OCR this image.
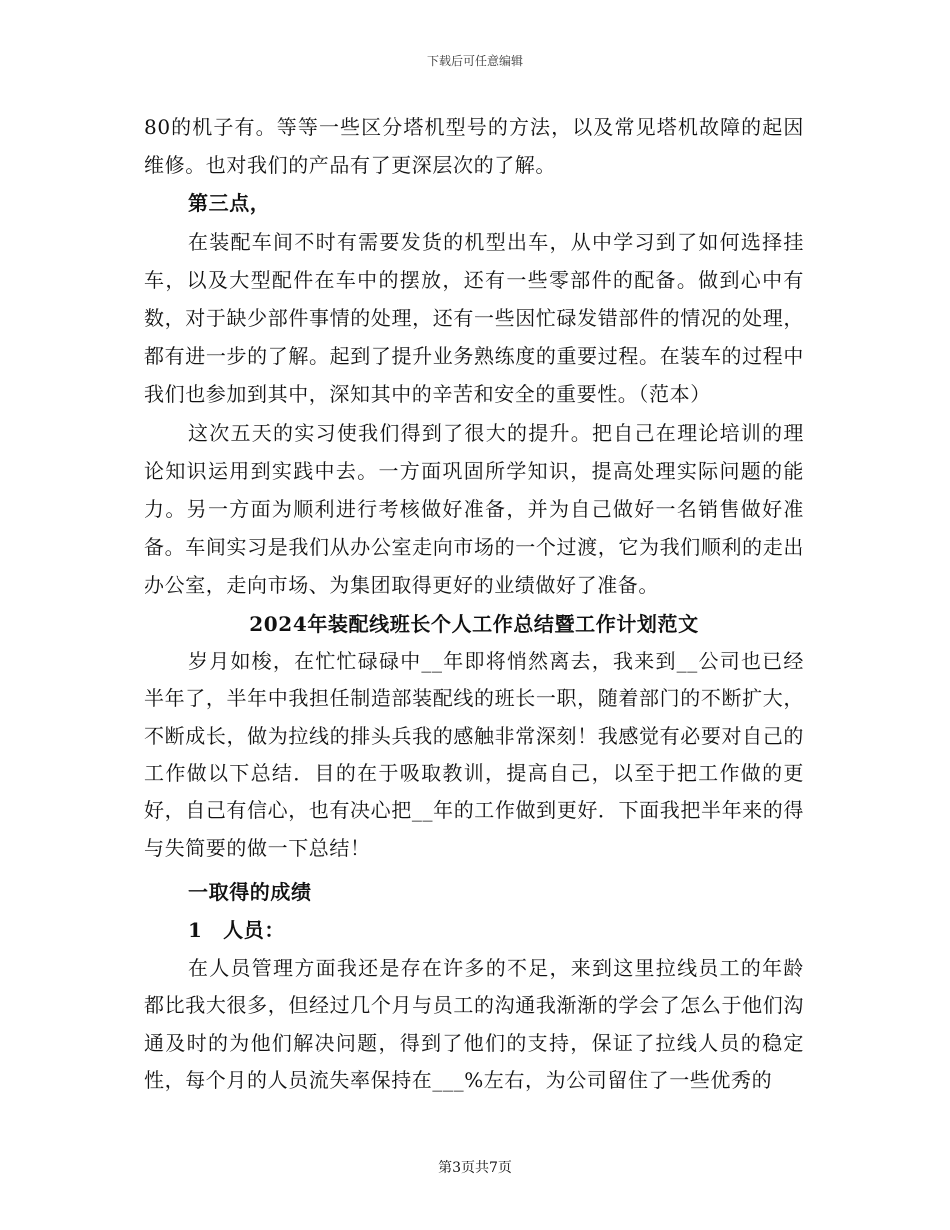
下载后可任意编辑

80的机子有。等等一些区分塔机型号的方法，以及常见塔机故障的起因维修。也对我们的产品有了更深层次的了解。

第三点，

在装配车间不时有需要发货的机型出车，从中学习到了如何选择挂车，以及大型配件在车中的摆放，还有一些零部件的配备。做到心中有数，对于缺少部件事情的处理，还有一些因忙碌发错部件的情况的处理，都有进一步的了解。起到了提升业务熟练度的重要过程。在装车的过程中我们也参加到其中，深知其中的辛苦和安全的重要性。（范本）

这次五天的实习使我们得到了很大的提升。把自己在理论培训的理论知识运用到实践中去。一方面巩固所学知识，提高处理实际问题的能力。另一方面为顺利进行考核做好准备，并为自己做好一名销售做好准备。车间实习是我们从办公室走向市场的一个过渡，它为我们顺利的走出办公室，走向市场、为集团取得更好的业绩做好了准备。

2024年装配线班长个人工作总结暨工作计划范文

岁月如梭，在忙忙碌碌中__年即将悄然离去，我来到__公司也已经半年了，半年中我担任制造部装配线的班长一职，随着部门的不断扩大，不断成长，做为拉线的排头兵我的感触非常深刻！我感觉有必要对自己的工作做以下总结．目的在于吸取教训，提高自己，以至于把工作做的更好，自己有信心，也有决心把__年的工作做到更好．下面我把半年来的得与失简要的做一下总结！

一取得的成绩

1　人员：

在人员管理方面我还是存在许多的不足，来到这里拉线员工的年龄都比我大很多，但经过几个月与员工的沟通我渐渐的学会了怎么于他们沟通及时的为他们解决问题，得到了他们的支持，保证了拉线人员的稳定性，每个月的人员流失率保持在___%左右，为公司留住了一些优秀的

第3页共7页
